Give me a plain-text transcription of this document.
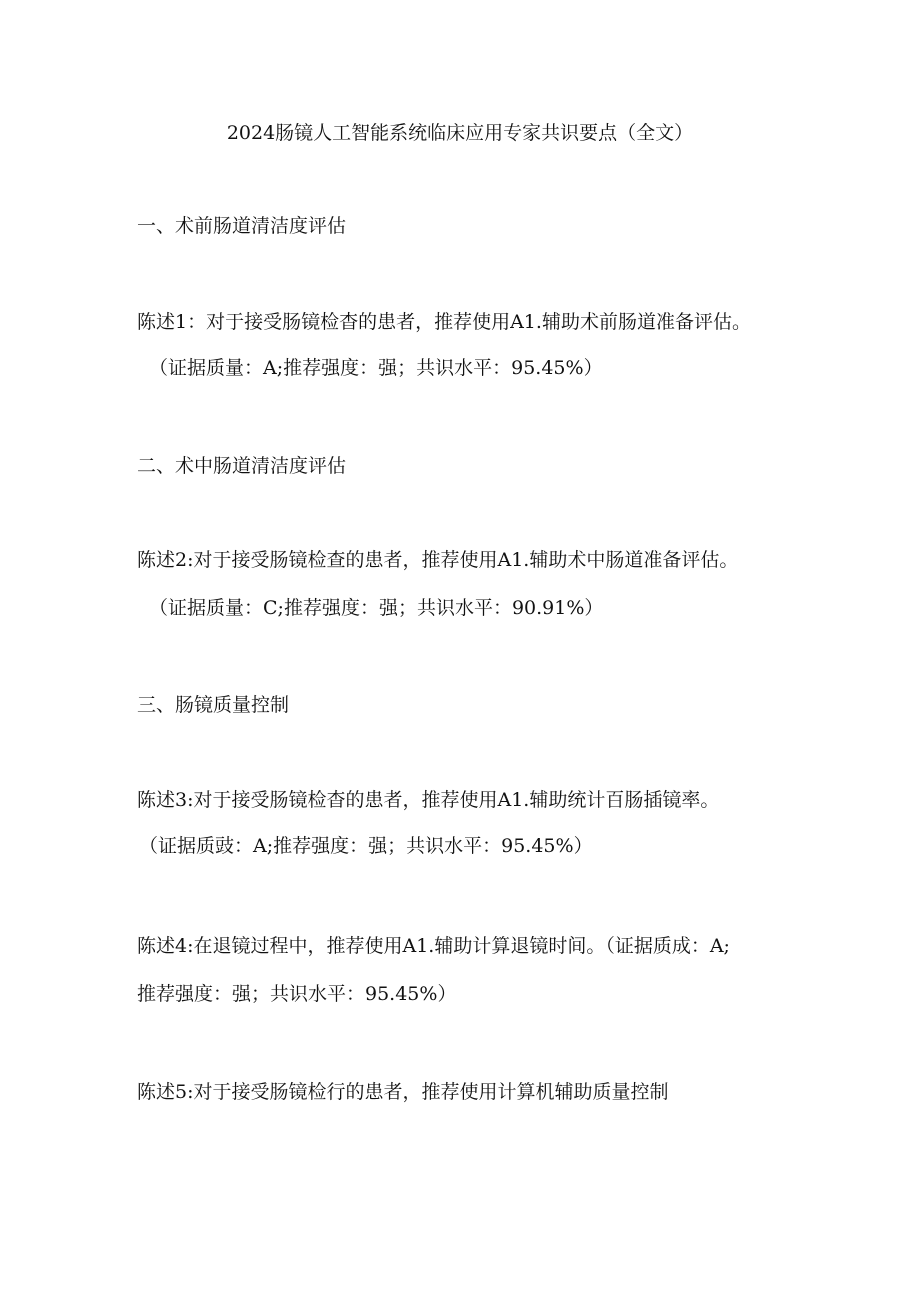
2024肠镜人工智能系统临床应用专家共识要点（全文）
一、术前肠道清洁度评估
陈述1：对于接受肠镜检杳的患者，推荐使用A1.辅助术前肠道准备评估。
（证据质量：A;推荐强度：强；共识水平：95.45%）
二、术中肠道清洁度评估
陈述2:对于接受肠镜检查的患者，推荐使用A1.辅助术中肠道准备评估。
（证据质量：C;推荐强度：强；共识水平：90.91%）
三、肠镜质量控制
陈述3:对于接受肠镜检杳的患者，推荐使用A1.辅助统计百肠插镜率。
（证据质豉：A;推荐强度：强；共识水平：95.45%）
陈述4:在退镜过程中，推荐使用A1.辅助计算退镜时间。（证据质成：A;
推荐强度：强；共识水平：95.45%）
陈述5:对于接受肠镜检行的患者，推荐使用计算机辅助质量控制
